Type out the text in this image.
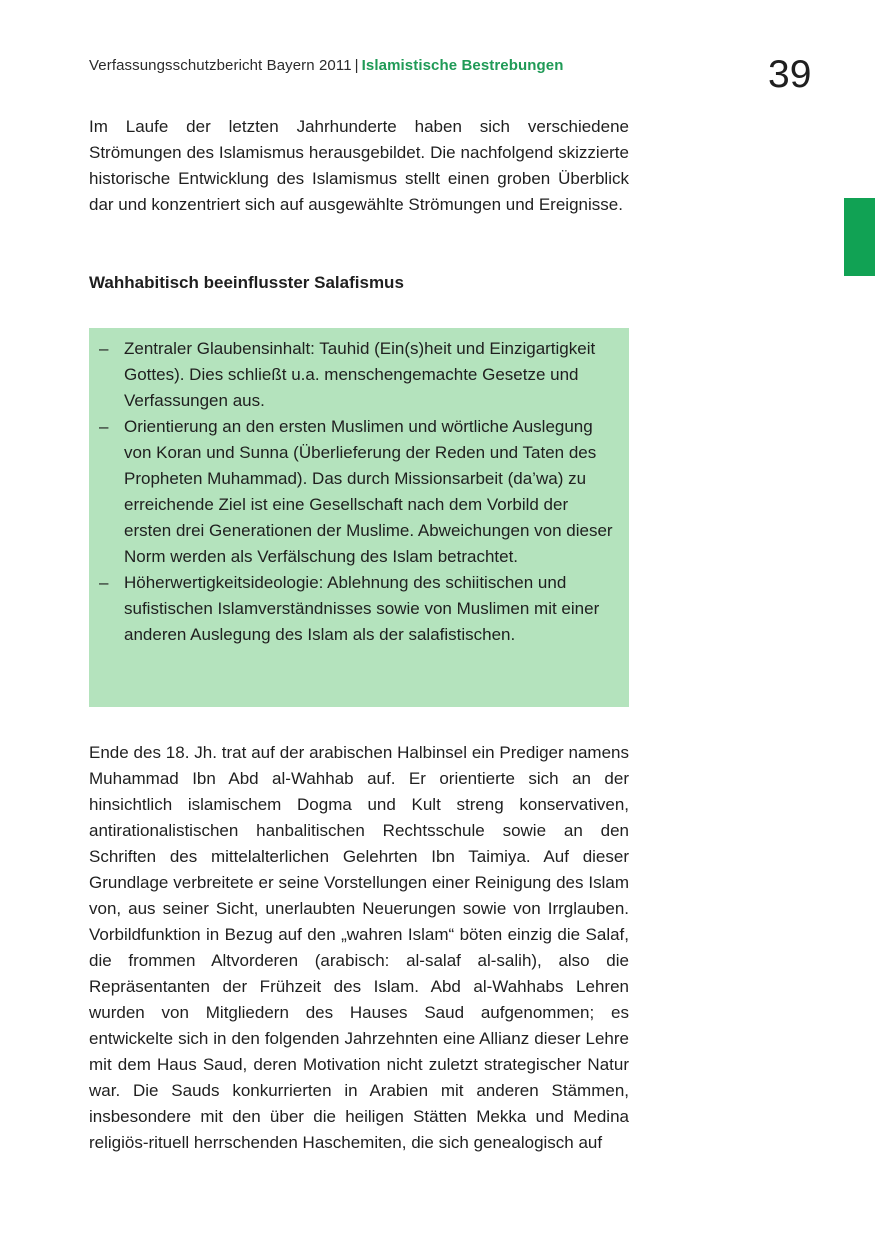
Verfassungsschutzbericht Bayern 2011 | Islamistische Bestrebungen	39

Im Laufe der letzten Jahrhunderte haben sich verschiedene Strömungen des Islamismus herausgebildet. Die nachfolgend skizzierte historische Entwicklung des Islamismus stellt einen groben Überblick dar und konzentriert sich auf ausgewählte Strömungen und Ereignisse.

Wahhabitisch beeinflusster Salafismus
– Zentraler Glaubensinhalt: Tauhid (Ein(s)heit und Einzigartigkeit Gottes). Dies schließt u.a. menschengemachte Gesetze und Verfassungen aus.
– Orientierung an den ersten Muslimen und wörtliche Auslegung von Koran und Sunna (Überlieferung der Reden und Taten des Propheten Muhammad). Das durch Missionsarbeit (da’wa) zu erreichende Ziel ist eine Gesellschaft nach dem Vorbild der ersten drei Generationen der Muslime. Abweichungen von dieser Norm werden als Verfälschung des Islam betrachtet.
– Höherwertigkeitsideologie: Ablehnung des schiitischen und sufistischen Islamverständnisses sowie von Muslimen mit einer anderen Auslegung des Islam als der salafistischen.

Ende des 18. Jh. trat auf der arabischen Halbinsel ein Prediger namens Muhammad Ibn Abd al-Wahhab auf. Er orientierte sich an der hinsichtlich islamischem Dogma und Kult streng konservativen, antirationalistischen hanbalitischen Rechtsschule sowie an den Schriften des mittelalterlichen Gelehrten Ibn Taimiya. Auf dieser Grundlage verbreitete er seine Vorstellungen einer Reinigung des Islam von, aus seiner Sicht, unerlaubten Neuerungen sowie von Irrglauben. Vorbildfunktion in Bezug auf den „wahren Islam“ böten einzig die Salaf, die frommen Altvorderen (arabisch: al-salaf al-salih), also die Repräsentanten der Frühzeit des Islam. Abd al-Wahhabs Lehren wurden von Mitgliedern des Hauses Saud aufgenommen; es entwickelte sich in den folgenden Jahrzehnten eine Allianz dieser Lehre mit dem Haus Saud, deren Motivation nicht zuletzt strategischer Natur war. Die Sauds konkurrierten in Arabien mit anderen Stämmen, insbesondere mit den über die heiligen Stätten Mekka und Medina religiös-rituell herrschenden Haschemiten, die sich genealogisch auf
